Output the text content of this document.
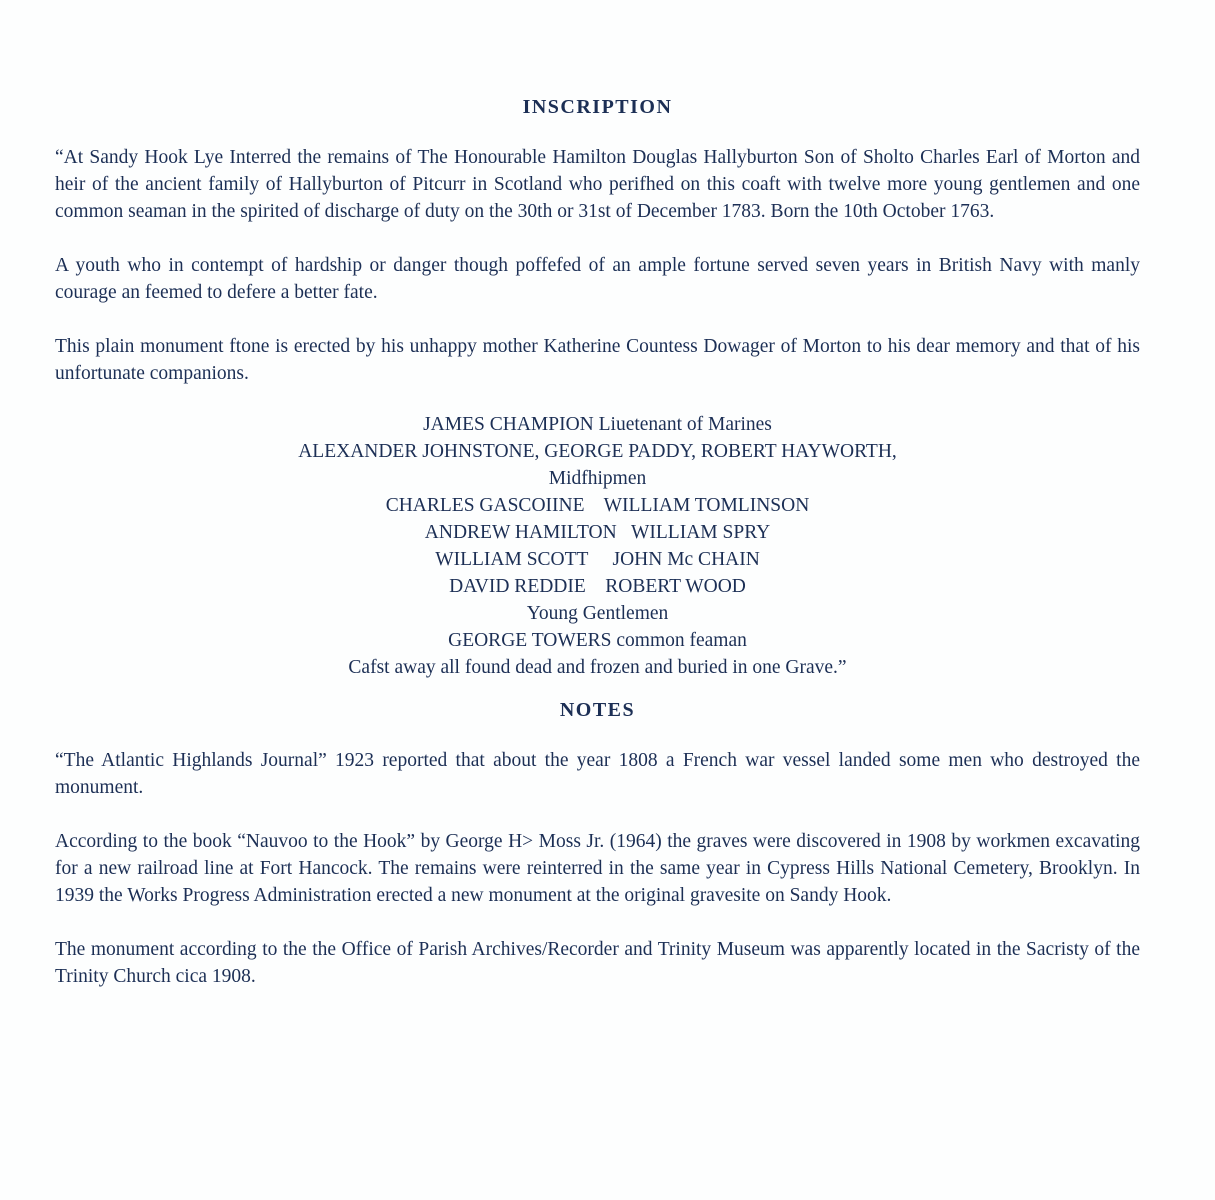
INSCRIPTION

“At Sandy Hook Lye Interred the remains of The Honourable Hamilton Douglas Hallyburton Son of Sholto Charles Earl of Morton and heir of the ancient family of Hallyburton of Pitcurr in Scotland who perifhed on this coaft with twelve more young gentlemen and one common seaman in the spirited of discharge of duty on the 30th or 31st of December 1783. Born the 10th October 1763.

A youth who in contempt of hardship or danger though poffefed of an ample fortune served seven years in British Navy with manly courage an feemed to defere a better fate.

This plain monument ftone is erected by his unhappy mother Katherine Countess Dowager of Morton to his dear memory and that of his unfortunate companions.

JAMES CHAMPION Liuetenant of Marines
ALEXANDER JOHNSTONE, GEORGE PADDY, ROBERT HAYWORTH,
Midfhipmen
CHARLES GASCOIINE    WILLIAM TOMLINSON
ANDREW HAMILTON   WILLIAM SPRY
WILLIAM SCOTT     JOHN Mc CHAIN
DAVID REDDIE    ROBERT WOOD
Young Gentlemen
GEORGE TOWERS common feaman
Cafst away all found dead and frozen and buried in one Grave.”
NOTES

“The Atlantic Highlands Journal” 1923 reported that about the year 1808 a French war vessel landed some men who destroyed the monument.

According to the book “Nauvoo to the Hook” by George H> Moss Jr. (1964) the graves were discovered in 1908 by workmen excavating for a new railroad line at Fort Hancock. The remains were reinterred in the same year in Cypress Hills National Cemetery, Brooklyn. In 1939 the Works Progress Administration erected a new monument at the original gravesite on Sandy Hook.

The monument according to the the Office of Parish Archives/Recorder and Trinity Museum was apparently located in the Sacristy of the Trinity Church cica 1908.
